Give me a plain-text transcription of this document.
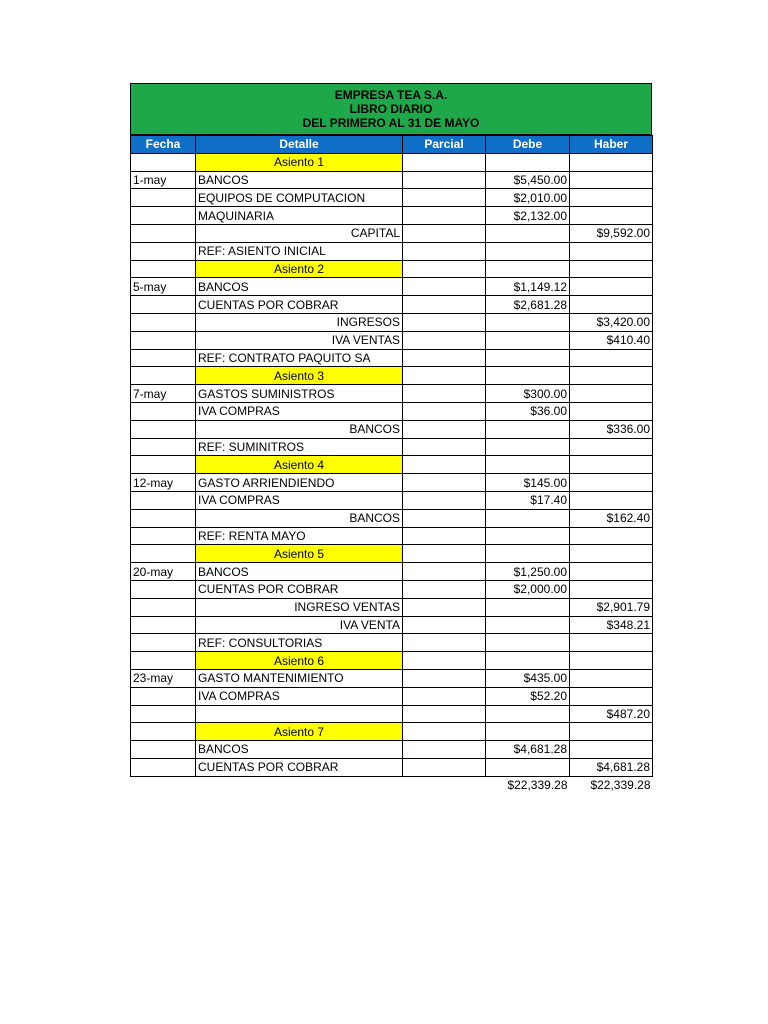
EMPRESA TEA S.A.
LIBRO DIARIO
DEL PRIMERO AL 31 DE MAYO
Fecha	Detalle	Parcial	Debe	Haber
	Asiento 1			
1-may	BANCOS		$5,450.00	
	EQUIPOS DE COMPUTACION		$2,010.00	
	MAQUINARIA		$2,132.00	
	CAPITAL			$9,592.00
	REF: ASIENTO INICIAL			
	Asiento 2			
5-may	BANCOS		$1,149.12	
	CUENTAS POR COBRAR		$2,681.28	
	INGRESOS			$3,420.00
	IVA VENTAS			$410.40
	REF: CONTRATO PAQUITO SA			
	Asiento 3			
7-may	GASTOS SUMINISTROS		$300.00	
	IVA COMPRAS		$36.00	
	BANCOS			$336.00
	REF: SUMINITROS			
	Asiento 4			
12-may	GASTO ARRIENDIENDO		$145.00	
	IVA COMPRAS		$17.40	
	BANCOS			$162.40
	REF: RENTA MAYO			
	Asiento 5			
20-may	BANCOS		$1,250.00	
	CUENTAS POR COBRAR		$2,000.00	
	INGRESO VENTAS			$2,901.79
	IVA VENTA			$348.21
	REF: CONSULTORIAS			
	Asiento 6			
23-may	GASTO MANTENIMIENTO		$435.00	
	IVA COMPRAS		$52.20	
				$487.20
	Asiento 7			
	BANCOS		$4,681.28	
	CUENTAS POR COBRAR			$4,681.28
			$22,339.28	$22,339.28
